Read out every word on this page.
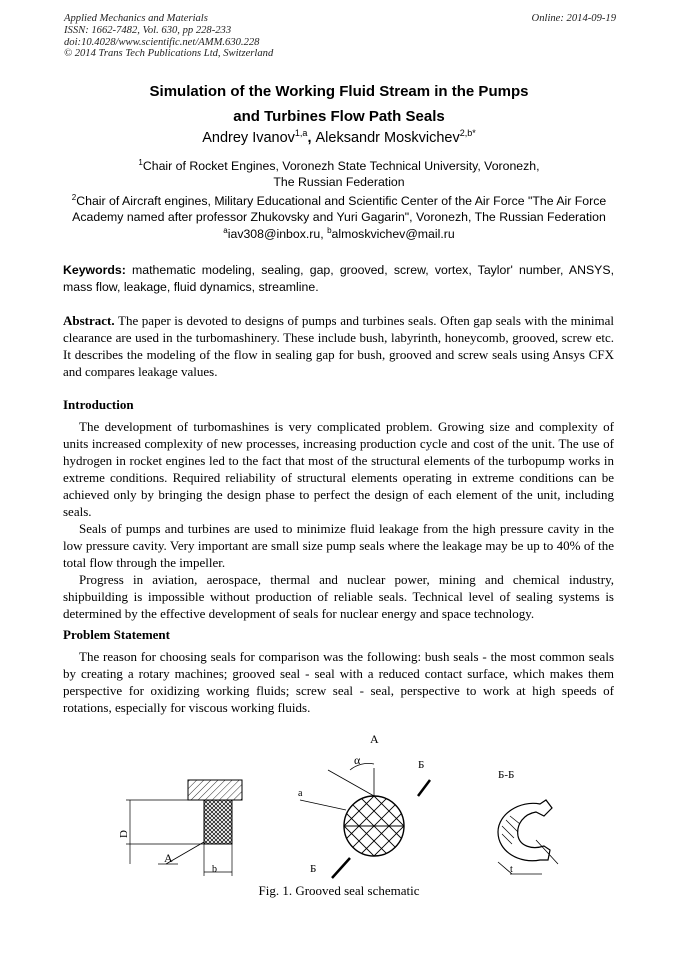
Applied Mechanics and Materials
ISSN: 1662-7482, Vol. 630, pp 228-233
doi:10.4028/www.scientific.net/AMM.630.228
© 2014 Trans Tech Publications Ltd, Switzerland
Online: 2014-09-19
Simulation of the Working Fluid Stream in the Pumps
and Turbines Flow Path Seals
Andrey Ivanov$^{1,a}$, Aleksandr Moskvichev$^{2,b*}$
$^1$Chair of Rocket Engines, Voronezh State Technical University, Voronezh,
The Russian Federation
$^2$Chair of Aircraft engines, Military Educational and Scientific Center of the Air Force "The Air Force
Academy named after professor Zhukovsky and Yuri Gagarin", Voronezh, The Russian Federation
$^a$iav308@inbox.ru, $^b$almoskvichev@mail.ru
Keywords: mathematic modeling, sealing, gap, grooved, screw, vortex, Taylor' number, ANSYS, mass flow, leakage, fluid dynamics, streamline.
Abstract. The paper is devoted to designs of pumps and turbines seals. Often gap seals with the minimal clearance are used in the turbomashinery. These include bush, labyrinth, honeycomb, grooved, screw etc. It describes the modeling of the flow in sealing gap for bush, grooved and screw seals using Ansys CFX and compares leakage values.
Introduction
The development of turbomashines is very complicated problem. Growing size and complexity of units increased complexity of new processes, increasing production cycle and cost of the unit. The use of hydrogen in rocket engines led to the fact that most of the structural elements of the turbopump works in extreme conditions. Required reliability of structural elements operating in extreme conditions can be achieved only by bringing the design phase to perfect the design of each element of the unit, including seals.
Seals of pumps and turbines are used to minimize fluid leakage from the high pressure cavity in the low pressure cavity. Very important are small size pump seals where the leakage may be up to 40% of the total flow through the impeller.
Progress in aviation, aerospace, thermal and nuclear power, mining and chemical industry, shipbuilding is impossible without production of reliable seals. Technical level of sealing systems is determined by the effective development of seals for nuclear energy and space technology.
Problem Statement
The reason for choosing seals for comparison was the following: bush seals - the most common seals by creating a rotary machines; grooved seal - seal with a reduced contact surface, which makes them perspective for oxidizing working fluids; screw seal - seal, perspective to work at high speeds of rotations, especially for viscous working fluids.
D
А
b
А
α
a
Б
Б
Б-Б
t
Fig. 1. Grooved seal schematic
